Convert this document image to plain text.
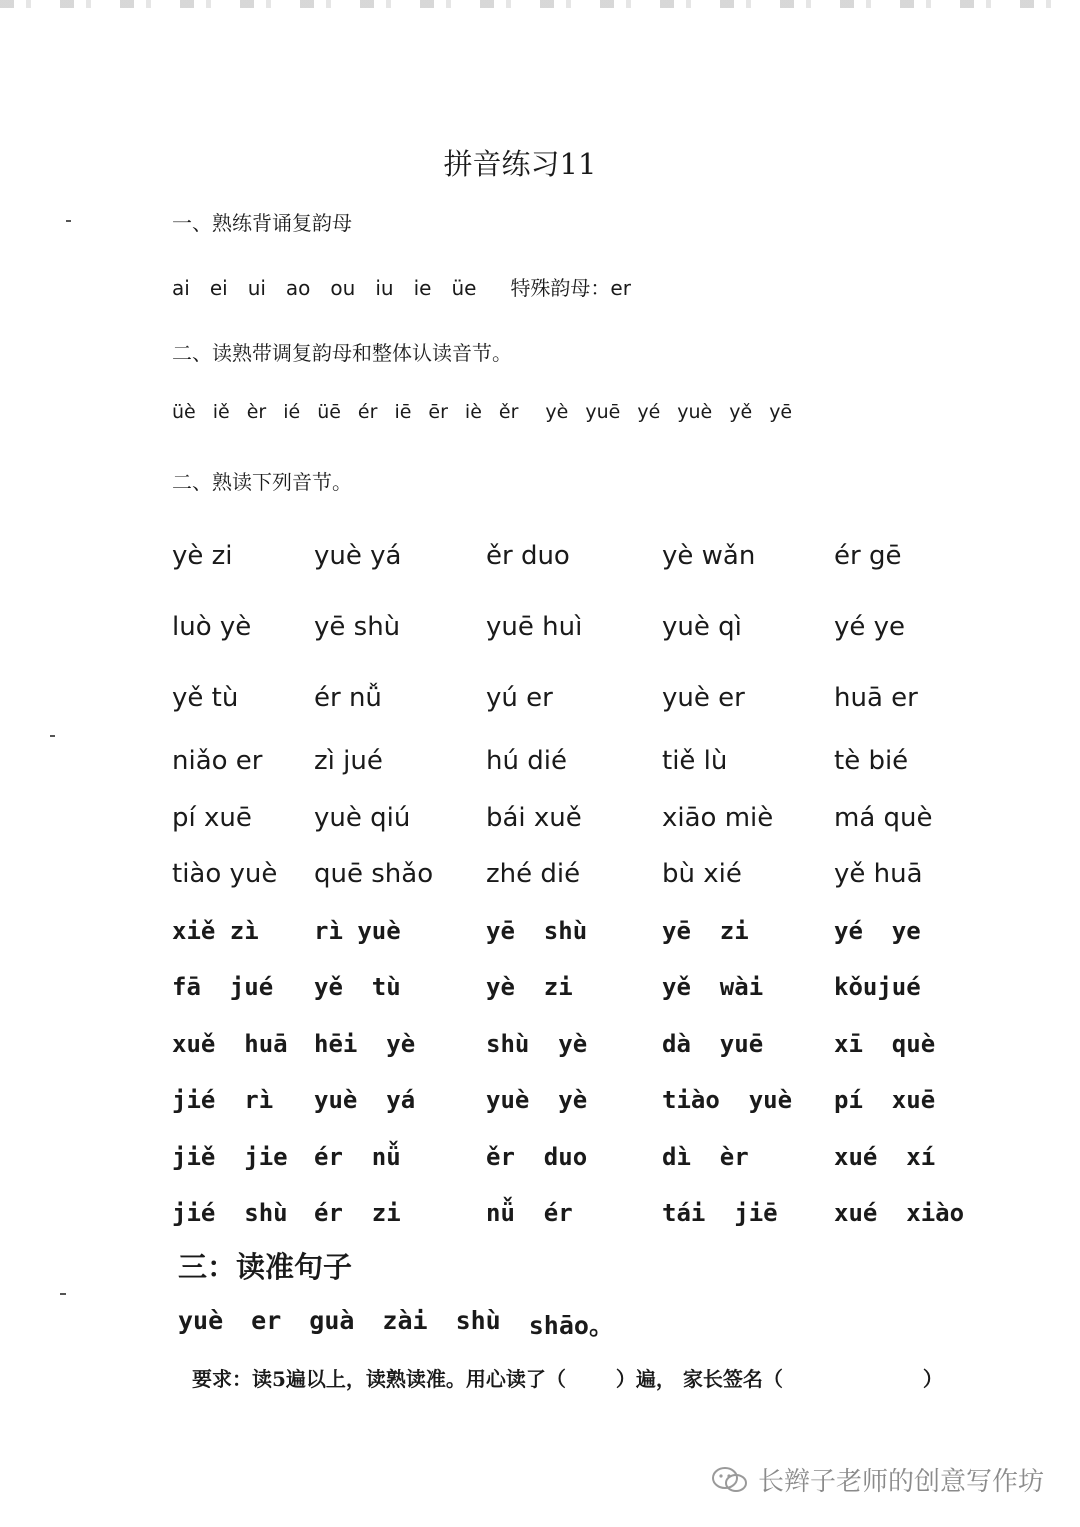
拼音练习11
一、熟练背诵复韵母
ai ei ui ao ou iu ie üe 特殊韵母：er
二、读熟带调复韵母和整体认读音节。
üè iě èr ié üē ér iē ēr iè ěr yè yuē yé yuè yě yē
二、熟读下列音节。
yè zi	yuè yá	ěr duo	yè wǎn	ér gē
luò yè	yē shù	yuē huì	yuè qì	yé ye
yě tù	ér nǚ	yú er	yuè er	huā er
niǎo er	zì jué	hú dié	tiě lù	tè bié
pí xuē	yuè qiú	bái xuě	xiāo miè	má què
tiào yuè	quē shǎo	zhé dié	bù xié	yě huā
xiě zì	rì yuè	yē  shù	yē  zi	yé  ye
fā  jué	yě  tù	yè  zi	yě  wài	kǒujué
xuě  huā	hēi  yè	shù  yè	dà  yuē	xī  què
jié  rì	yuè  yá	yuè  yè	tiào  yuè	pí  xuē
jiě  jie	ér  nǚ	ěr  duo	dì  èr	xué  xí
jié  shù	ér  zi	nǚ  ér	tái  jiē	xué  xiào
三：读准句子
yuè er guà zài shù shāo。
要求：读5遍以上，读熟读准。用心读了（	）遍， 家长签名（	）
长辫子老师的创意写作坊
